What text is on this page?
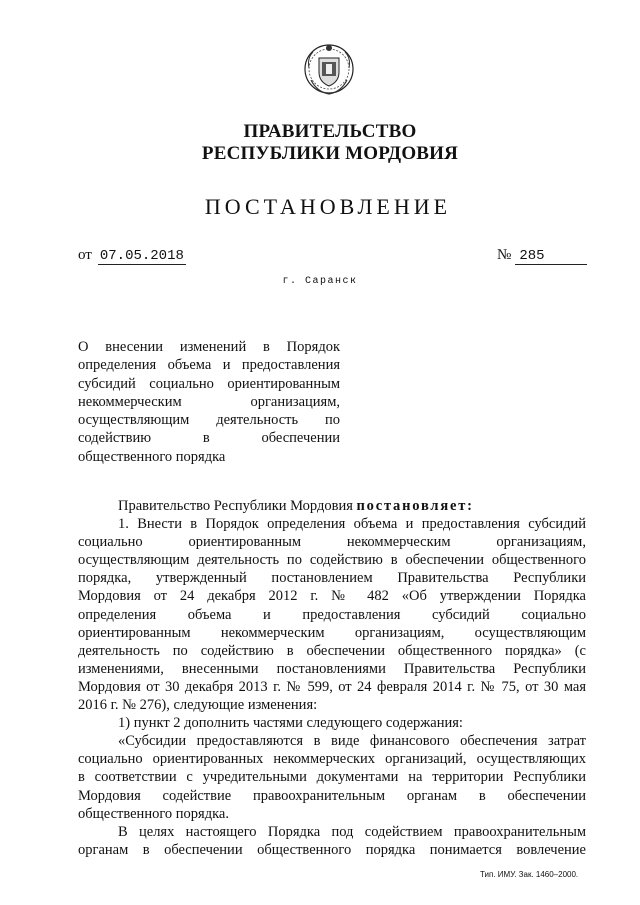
ПРАВИТЕЛЬСТВО
РЕСПУБЛИКИ МОРДОВИЯ
ПОСТАНОВЛЕНИЕ
от 07.05.2018	№ 285
г. Саранск
О внесении изменений в Порядок
определения объема и предоставления
субсидий социально ориентированным
некоммерческим организациям,
осуществляющим деятельность по
содействию в обеспечении
общественного порядка
Правительство Республики Мордовия постановляет:
1. Внести в Порядок определения объема и предоставления субсидий
социально ориентированным некоммерческим организациям,
осуществляющим деятельность по содействию в обеспечении общественного
порядка, утвержденный постановлением Правительства Республики
Мордовия от 24 декабря 2012 г. № 482 «Об утверждении Порядка
определения объема и предоставления субсидий социально
ориентированным некоммерческим организациям, осуществляющим
деятельность по содействию в обеспечении общественного порядка» (с
изменениями, внесенными постановлениями Правительства Республики
Мордовия от 30 декабря 2013 г. № 599, от 24 февраля 2014 г. № 75, от 30 мая
2016 г. № 276), следующие изменения:
1) пункт 2 дополнить частями следующего содержания:
«Субсидии предоставляются в виде финансового обеспечения затрат
социально ориентированных некоммерческих организаций, осуществляющих
в соответствии с учредительными документами на территории Республики
Мордовия содействие правоохранительным органам в обеспечении
общественного порядка.
В целях настоящего Порядка под содействием правоохранительным
органам в обеспечении общественного порядка понимается вовлечение
Тип. ИМУ. Зак. 1460–2000.
